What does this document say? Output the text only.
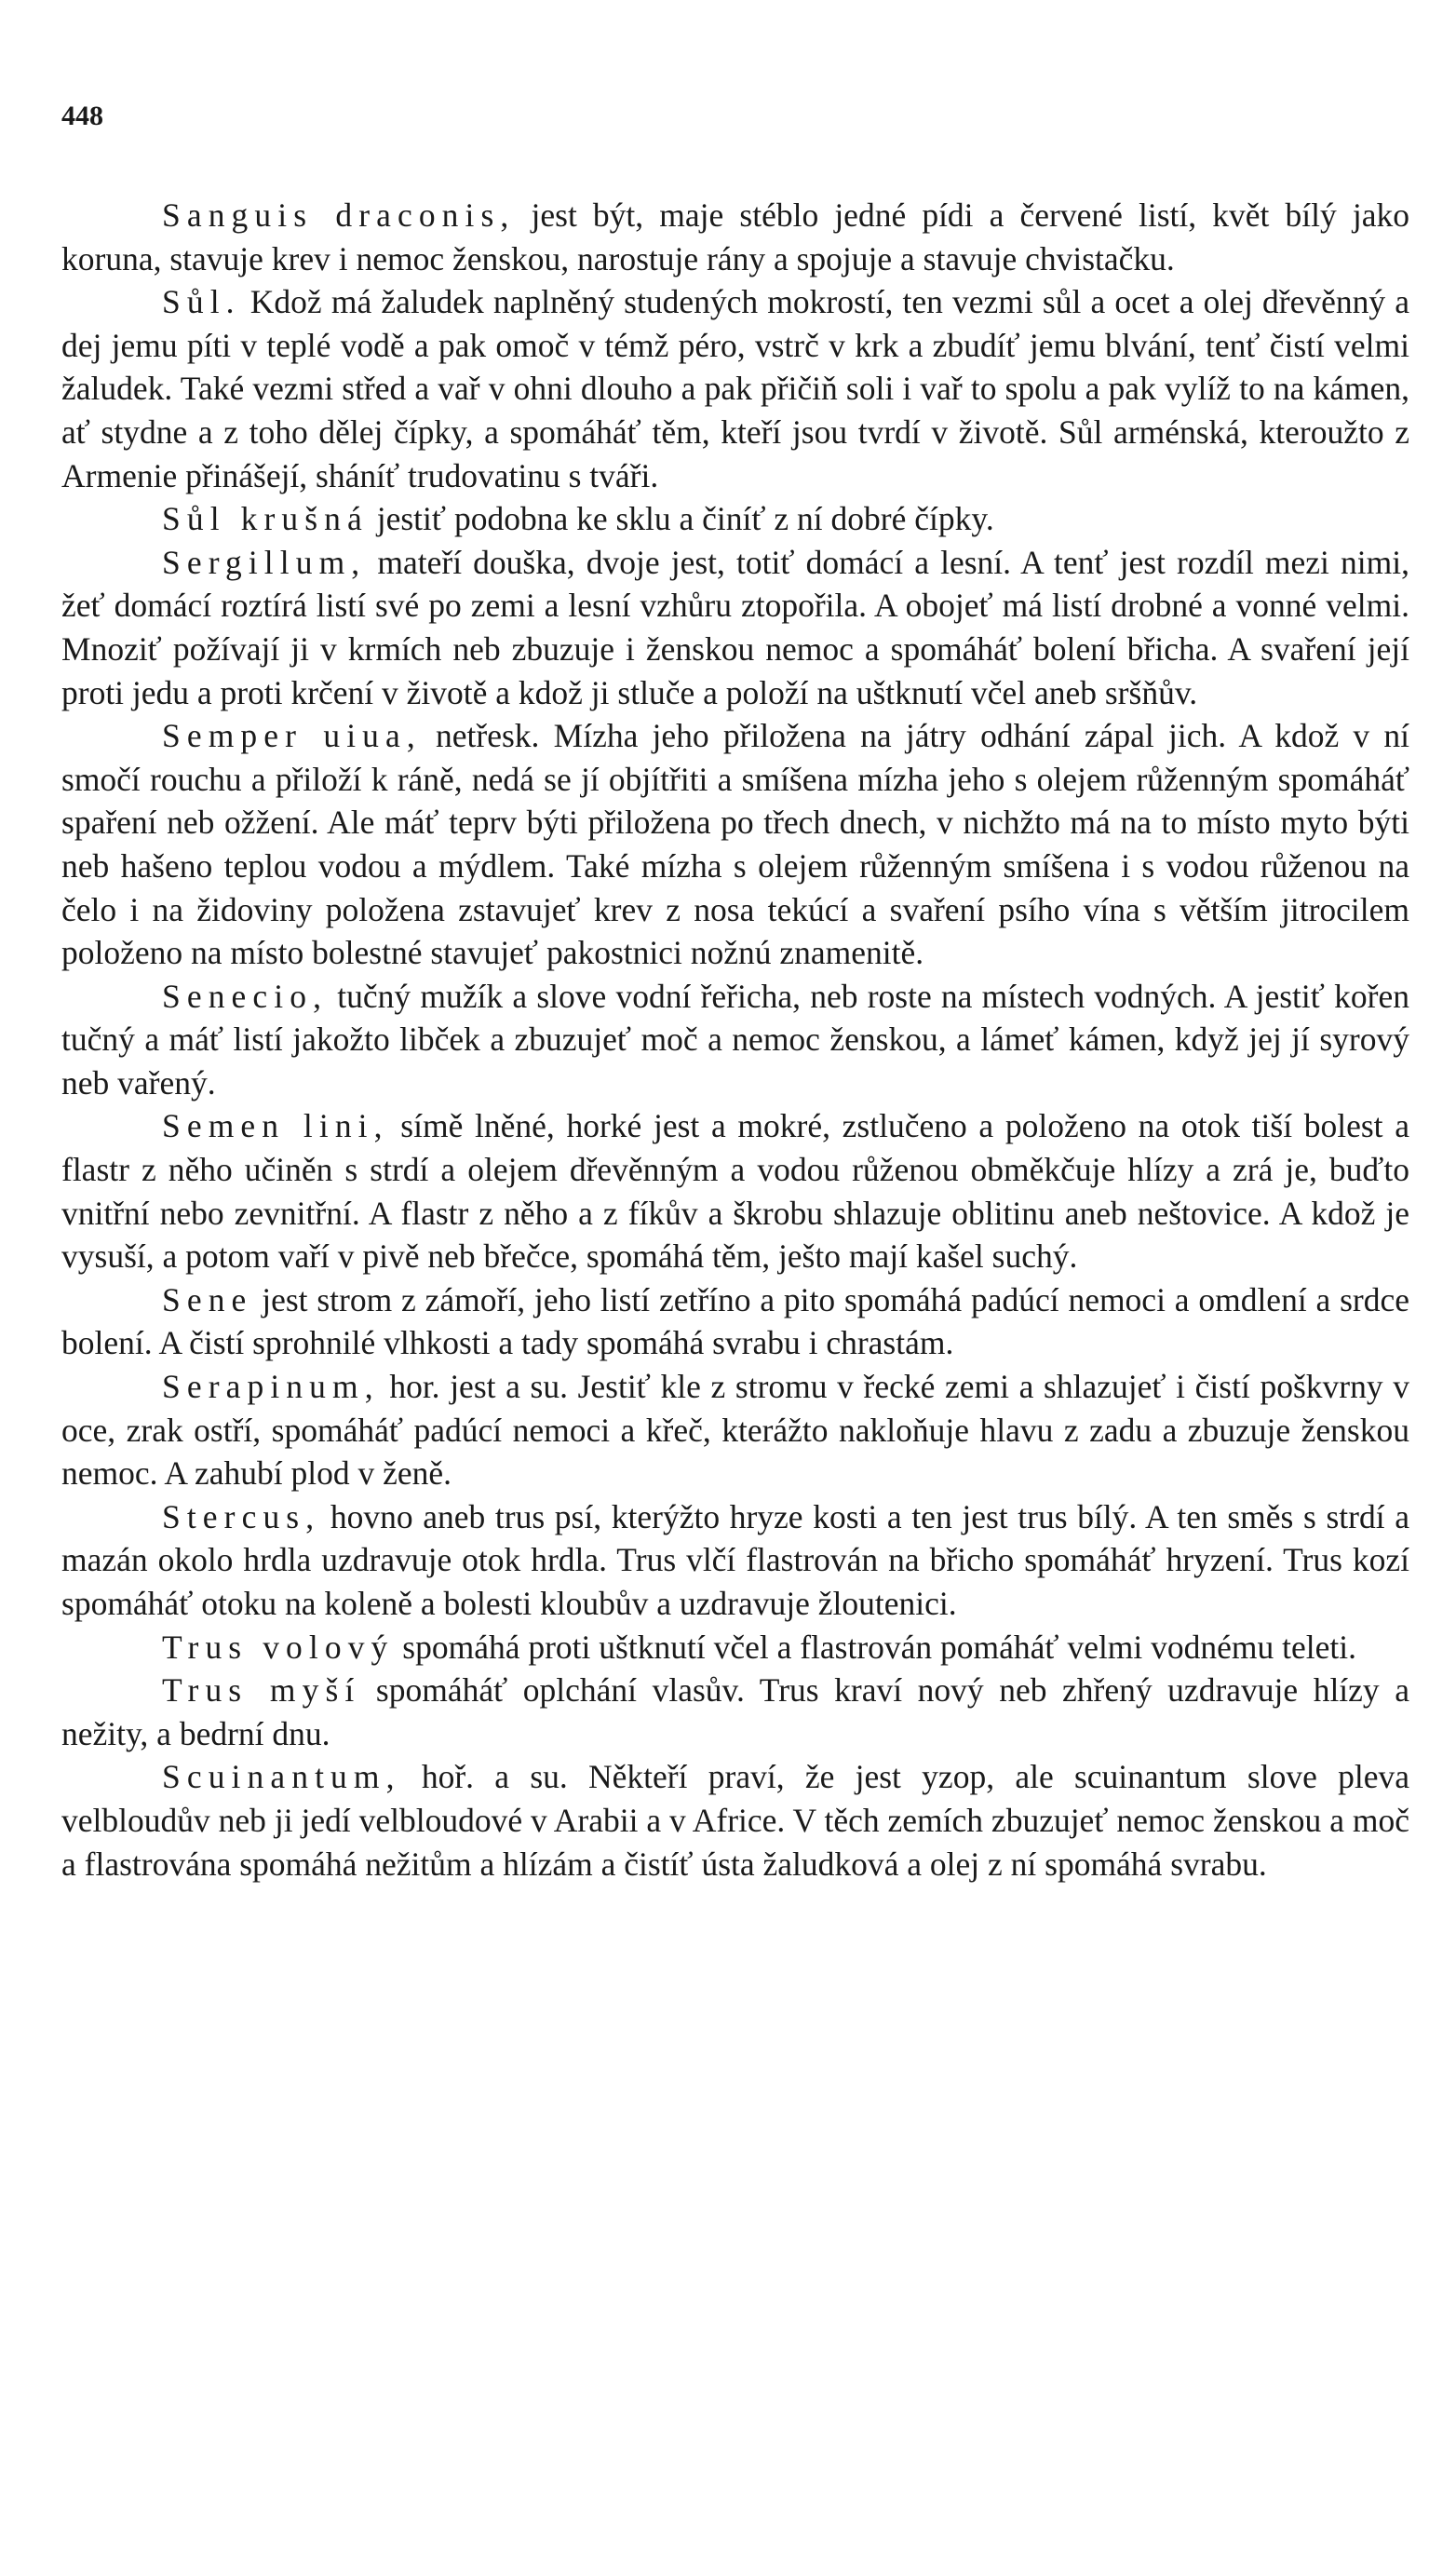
448

Sanguis draconis, jest být, maje stéblo jedné pídi a červené listí, květ bílý jako koruna, stavuje krev i nemoc ženskou, narostuje rány a spojuje a stavuje chvistačku.

Sůl. Kdož má žaludek naplněný studených mokrostí, ten vezmi sůl a ocet a olej dřevěnný a dej jemu píti v teplé vodě a pak omoč v témž péro, vstrč v krk a zbudíť jemu blvání, tenť čistí velmi žaludek. Také vezmi střed a vař v ohni dlouho a pak přičiň soli i vař to spolu a pak vylíž to na kámen, ať stydne a z toho dělej čípky, a spomáháť těm, kteří jsou tvrdí v životě. Sůl arménská, kteroužto z Armenie přinášejí, sháníť trudovatinu s tváři.

Sůl krušná jestiť podobna ke sklu a činíť z ní dobré čípky.

Sergillum, mateří douška, dvoje jest, totiť domácí a lesní. A tenť jest rozdíl mezi nimi, žeť domácí roztírá listí své po zemi a lesní vzhůru ztopořila. A obojeť má listí drobné a vonné velmi. Mnoziť požívají ji v krmích neb zbuzuje i ženskou nemoc a spomáháť bolení břicha. A svaření její proti jedu a proti krčení v životě a kdož ji stluče a položí na uštknutí včel aneb sršňův.

Semper uiua, netřesk. Mízha jeho přiložena na játry odhání zápal jich. A kdož v ní smočí rouchu a přiloží k ráně, nedá se jí objítřiti a smíšena mízha jeho s olejem růženným spomáháť spaření neb ožžení. Ale máť teprv býti přiložena po třech dnech, v nichžto má na to místo myto býti neb hašeno teplou vodou a mýdlem. Také mízha s olejem růženným smíšena i s vodou růženou na čelo i na židoviny položena zstavujeť krev z nosa tekúcí a svaření psího vína s větším jitrocilem položeno na místo bolestné stavujeť pakostnici nožnú znamenitě.

Senecio, tučný mužík a slove vodní řeřicha, neb roste na místech vodných. A jestiť kořen tučný a máť listí jakožto libček a zbuzujeť moč a nemoc ženskou, a lámeť kámen, když jej jí syrový neb vařený.

Semen lini, símě lněné, horké jest a mokré, zstlučeno a položeno na otok tiší bolest a flastr z něho učiněn s strdí a olejem dřevěnným a vodou růženou obměkčuje hlízy a zrá je, buďto vnitřní nebo zevnitřní. A flastr z něho a z fíkův a škrobu shlazuje oblitinu aneb neštovice. A kdož je vysuší, a potom vaří v pivě neb břečce, spomáhá těm, ješto mají kašel suchý.

Sene jest strom z zámoří, jeho listí zetříno a pito spomáhá padúcí nemoci a omdlení a srdce bolení. A čistí sprohnilé vlhkosti a tady spomáhá svrabu i chrastám.

Serapinum, hor. jest a su. Jestiť kle z stromu v řecké zemi a shlazujeť i čistí poškvrny v oce, zrak ostří, spomáháť padúcí nemoci a křeč, kterážto nakloňuje hlavu z zadu a zbuzuje ženskou nemoc. A zahubí plod v ženě.

Stercus, hovno aneb trus psí, kterýžto hryze kosti a ten jest trus bílý. A ten směs s strdí a mazán okolo hrdla uzdravuje otok hrdla. Trus vlčí flastrován na břicho spomáháť hryzení. Trus kozí spomáháť otoku na koleně a bolesti kloubův a uzdravuje žloutenici.

Trus volový spomáhá proti uštknutí včel a flastrován pomáháť velmi vodnému teleti.

Trus myší spomáháť oplchání vlasův. Trus kraví nový neb zhřený uzdravuje hlízy a nežity, a bedrní dnu.

Scuinantum, hoř. a su. Někteří praví, že jest yzop, ale scuinantum slove pleva velbloudův neb ji jedí velbloudové v Arabii a v Africe. V těch zemích zbuzujeť nemoc ženskou a moč a flastrována spomáhá nežitům a hlízám a čistíť ústa žaludková a olej z ní spomáhá svrabu.
